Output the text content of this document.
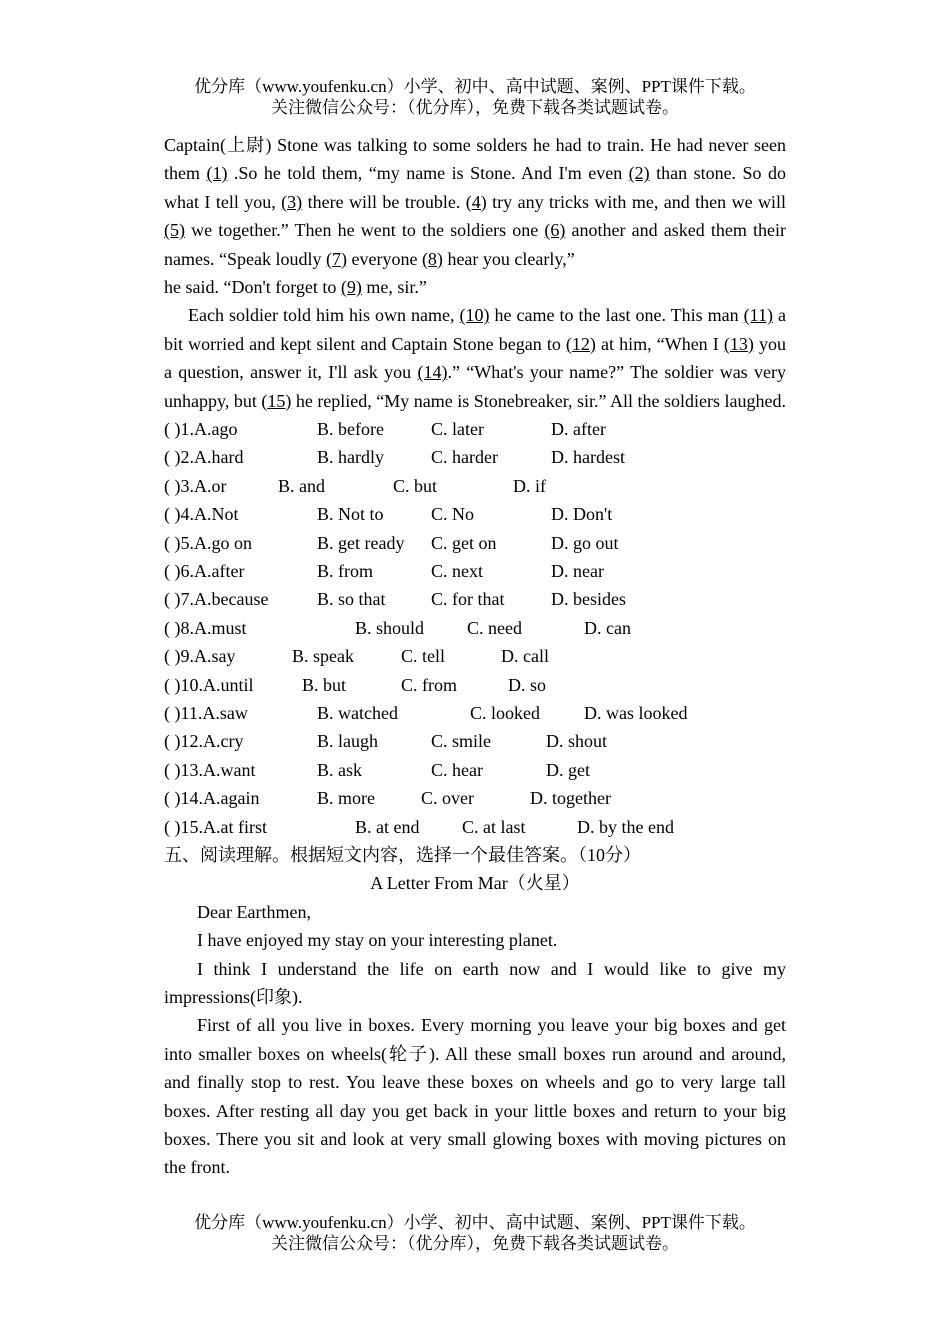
优分库（www.youfenku.cn）小学、初中、高中试题、案例、PPT课件下载。
关注微信公众号：（优分库），免费下载各类试题试卷。

Captain(上尉) Stone was talking to some solders he had to train. He had never seen them (1) .So he told them, “my name is Stone. And I'm even (2) than stone. So do what I tell you, (3) there will be trouble. (4) try any tricks with me, and then we will (5) we together.” Then he went to the soldiers one (6) another and asked them their names. “Speak loudly (7) everyone (8) hear you clearly,”

he said. “Don't forget to (9) me, sir.”

Each soldier told him his own name, (10) he came to the last one. This man (11) a bit worried and kept silent and Captain Stone began to (12) at him, “When I (13) you a question, answer it, I'll ask you (14).” “What's your name?” The soldier was very unhappy, but (15) he replied, “My name is Stonebreaker, sir.” All the soldiers laughed.

( )1.A.ago	B. before	C. later	D. after
( )2.A.hard	B. hardly	C. harder	D. hardest
( )3.A.or	B. and	C. but	D. if
( )4.A.Not	B. Not to	C. No	D. Don't
( )5.A.go on	B. get ready C. get on	D. go out
( )6.A.after	B. from	C. next	D. near
( )7.A.because	B. so that	C. for that	D. besides
( )8.A.must	B. should C. need	D. can
( )9.A.say	B. speak	C. tell	D. call
( )10.A.until	B. but	C. from	D. so
( )11.A.saw	B. watched	C. looked D. was looked
( )12.A.cry	B. laugh	C. smile	D. shout
( )13.A.want	B. ask	C. hear	D. get
( )14.A.again	B. more	C. over	D. together
( )15.A.at first	B. at end C. at last	D. by the end

五、阅读理解。根据短文内容，选择一个最佳答案。（10分）

A Letter From Mar（火星）

Dear Earthmen,

I have enjoyed my stay on your interesting planet.

I think I understand the life on earth now and I would like to give my impressions(印象).

First of all you live in boxes. Every morning you leave your big boxes and get into smaller boxes on wheels(轮子). All these small boxes run around and around, and finally stop to rest. You leave these boxes on wheels and go to very large tall boxes. After resting all day you get back in your little boxes and return to your big boxes. There you sit and look at very small glowing boxes with moving pictures on the front.

优分库（www.youfenku.cn）小学、初中、高中试题、案例、PPT课件下载。
关注微信公众号：（优分库），免费下载各类试题试卷。
